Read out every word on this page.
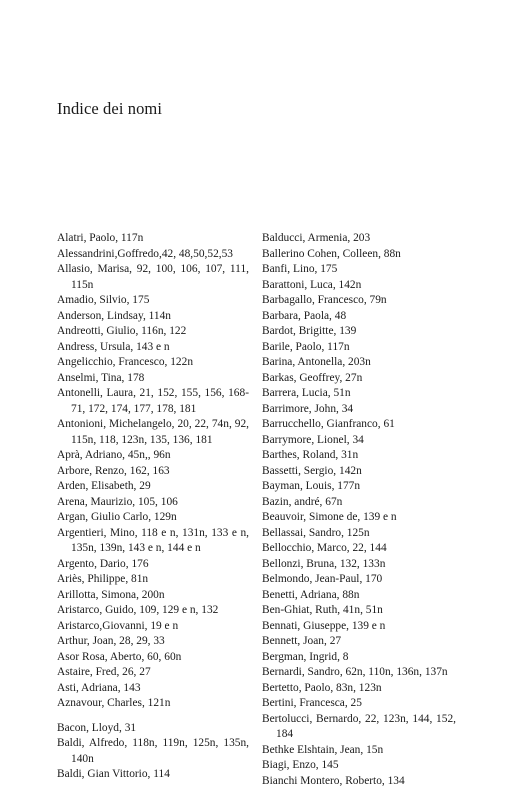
Indice dei nomi
Alatri, Paolo, 117n
Alessandrini,Goffredo,42, 48,50,52,53
Allasio, Marisa, 92, 100, 106, 107, 111, 115n
Amadio, Silvio, 175
Anderson, Lindsay, 114n
Andreotti, Giulio, 116n, 122
Andress, Ursula, 143 e n
Angelicchio, Francesco, 122n
Anselmi, Tina, 178
Antonelli, Laura, 21, 152, 155, 156, 168-71, 172, 174, 177, 178, 181
Antonioni, Michelangelo, 20, 22, 74n, 92, 115n, 118, 123n, 135, 136, 181
Aprà, Adriano, 45n,, 96n
Arbore, Renzo, 162, 163
Arden, Elisabeth, 29
Arena, Maurizio, 105, 106
Argan, Giulio Carlo, 129n
Argentieri, Mino, 118 e n, 131n, 133 e n, 135n, 139n, 143 e n, 144 e n
Argento, Dario, 176
Ariès, Philippe, 81n
Arillotta, Simona, 200n
Aristarco, Guido, 109, 129 e n, 132
Aristarco,Giovanni, 19 e n
Arthur, Joan, 28, 29, 33
Asor Rosa, Aberto, 60, 60n
Astaire, Fred, 26, 27
Asti, Adriana, 143
Aznavour, Charles, 121n
Bacon, Lloyd, 31
Baldi, Alfredo, 118n, 119n, 125n, 135n, 140n
Baldi, Gian Vittorio, 114
Balducci, Armenia, 203
Ballerino Cohen, Colleen, 88n
Banfi, Lino, 175
Barattoni, Luca, 142n
Barbagallo, Francesco, 79n
Barbara, Paola, 48
Bardot, Brigitte, 139
Barile, Paolo, 117n
Barina, Antonella, 203n
Barkas, Geoffrey, 27n
Barrera, Lucia, 51n
Barrimore, John, 34
Barrucchello, Gianfranco, 61
Barrymore, Lionel, 34
Barthes, Roland, 31n
Bassetti, Sergio, 142n
Bayman, Louis, 177n
Bazin, andré, 67n
Beauvoir, Simone de, 139 e n
Bellassai, Sandro, 125n
Bellocchio, Marco, 22, 144
Bellonzi, Bruna, 132, 133n
Belmondo, Jean-Paul, 170
Benetti, Adriana, 88n
Ben-Ghiat, Ruth, 41n, 51n
Bennati, Giuseppe, 139 e n
Bennett, Joan, 27
Bergman, Ingrid, 8
Bernardi, Sandro, 62n, 110n, 136n, 137n
Bertetto, Paolo, 83n, 123n
Bertini, Francesca, 25
Bertolucci, Bernardo, 22, 123n, 144, 152, 184
Bethke Elshtain, Jean, 15n
Biagi, Enzo, 145
Bianchi Montero, Roberto, 134
